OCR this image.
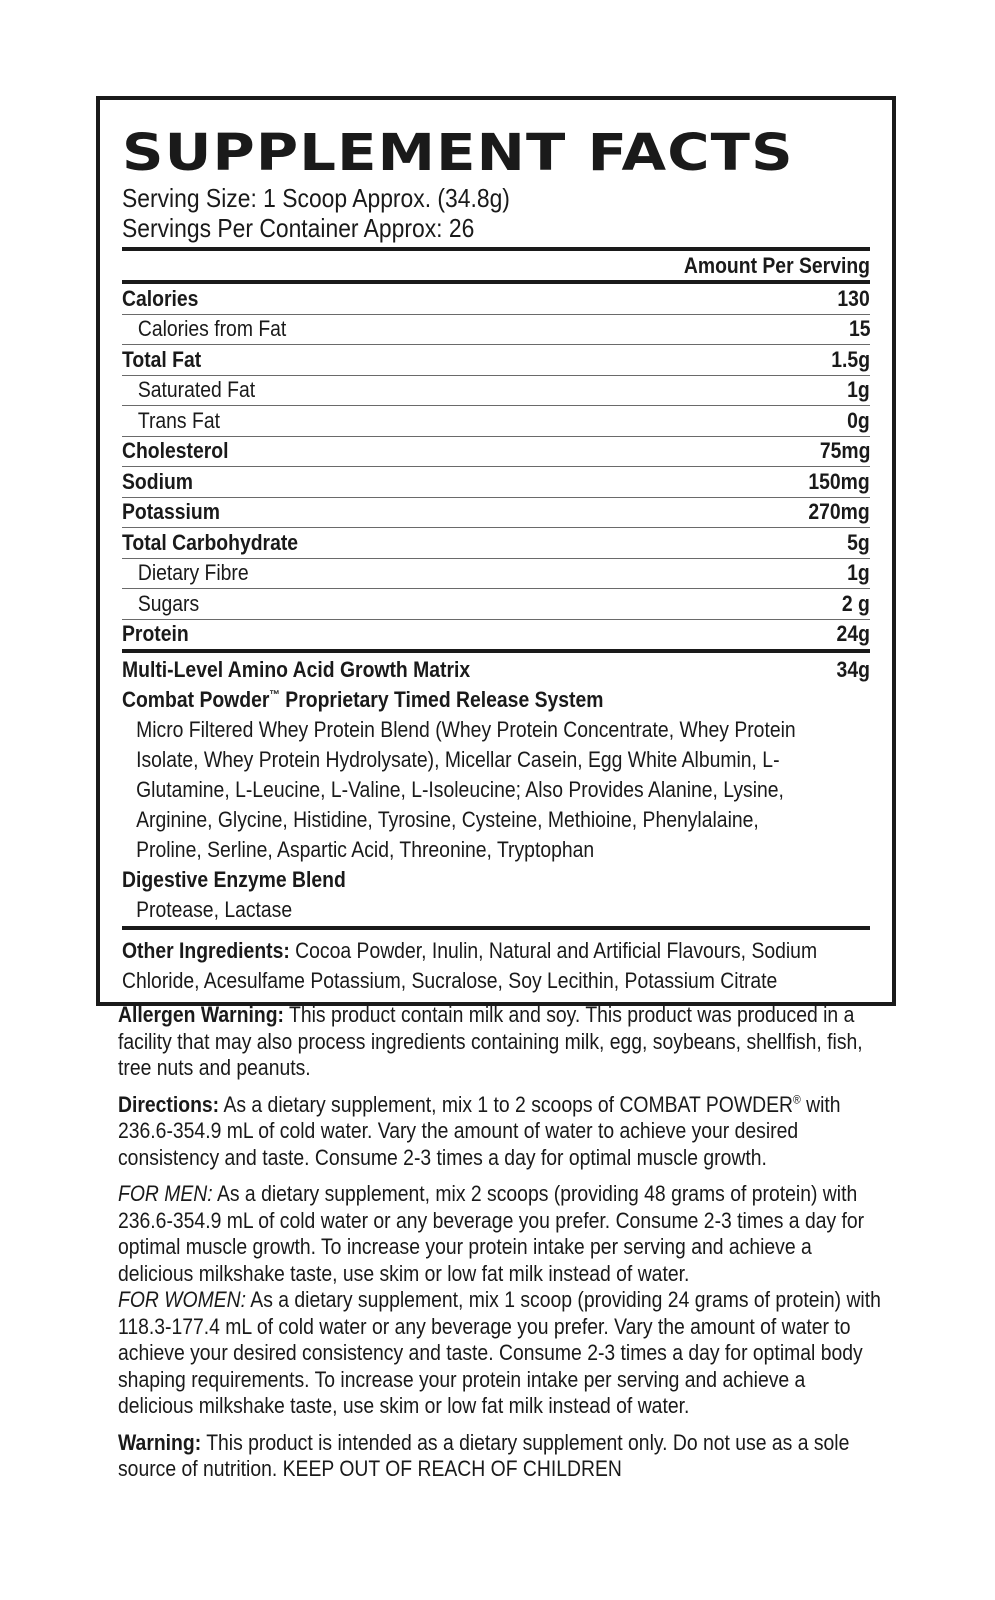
SUPPLEMENT FACTS
Serving Size: 1 Scoop Approx. (34.8g)
Servings Per Container Approx: 26
Amount Per Serving
Calories	130
Calories from Fat	15
Total Fat	1.5g
Saturated Fat	1g
Trans Fat	0g
Cholesterol	75mg
Sodium	150mg
Potassium	270mg
Total Carbohydrate	5g
Dietary Fibre	1g
Sugars	2 g
Protein	24g
Multi-Level Amino Acid Growth Matrix	34g
Combat Powder™ Proprietary Timed Release System
Micro Filtered Whey Protein Blend (Whey Protein Concentrate, Whey Protein Isolate, Whey Protein Hydrolysate), Micellar Casein, Egg White Albumin, L-Glutamine, L-Leucine, L-Valine, L-Isoleucine; Also Provides Alanine, Lysine, Arginine, Glycine, Histidine, Tyrosine, Cysteine, Methioine, Phenylalaine, Proline, Serline, Aspartic Acid, Threonine, Tryptophan
Digestive Enzyme Blend
Protease, Lactase
Other Ingredients: Cocoa Powder, Inulin, Natural and Artificial Flavours, Sodium Chloride, Acesulfame Potassium, Sucralose, Soy Lecithin, Potassium Citrate

Allergen Warning: This product contain milk and soy. This product was produced in a facility that may also process ingredients containing milk, egg, soybeans, shellfish, fish, tree nuts and peanuts.

Directions: As a dietary supplement, mix 1 to 2 scoops of COMBAT POWDER® with 236.6-354.9 mL of cold water. Vary the amount of water to achieve your desired consistency and taste. Consume 2-3 times a day for optimal muscle growth.

FOR MEN: As a dietary supplement, mix 2 scoops (providing 48 grams of protein) with 236.6-354.9 mL of cold water or any beverage you prefer. Consume 2-3 times a day for optimal muscle growth. To increase your protein intake per serving and achieve a delicious milkshake taste, use skim or low fat milk instead of water.

FOR WOMEN: As a dietary supplement, mix 1 scoop (providing 24 grams of protein) with 118.3-177.4 mL of cold water or any beverage you prefer. Vary the amount of water to achieve your desired consistency and taste. Consume 2-3 times a day for optimal body shaping requirements. To increase your protein intake per serving and achieve a delicious milkshake taste, use skim or low fat milk instead of water.

Warning: This product is intended as a dietary supplement only. Do not use as a sole source of nutrition. KEEP OUT OF REACH OF CHILDREN
